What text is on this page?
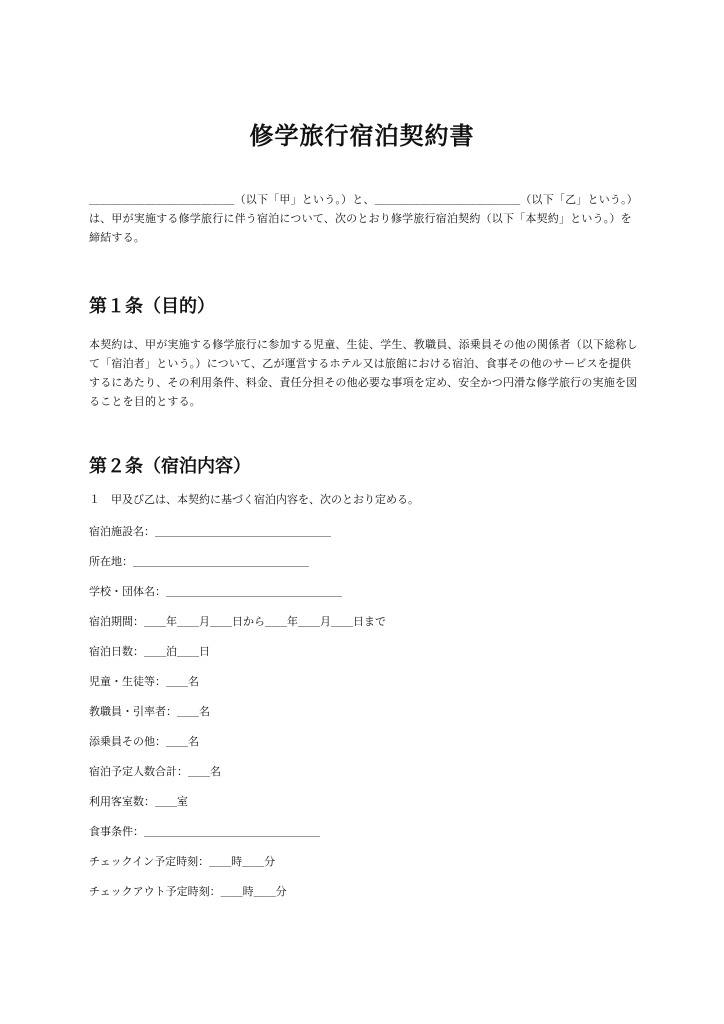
修学旅行宿泊契約書
＿＿＿＿＿＿＿＿＿＿＿＿＿（以下「甲」という。）と、＿＿＿＿＿＿＿＿＿＿＿＿＿（以下「乙」という。）は、甲が実施する修学旅行に伴う宿泊について、次のとおり修学旅行宿泊契約（以下「本契約」という。）を締結する。
第１条（目的）
本契約は、甲が実施する修学旅行に参加する児童、生徒、学生、教職員、添乗員その他の関係者（以下総称して「宿泊者」という。）について、乙が運営するホテル又は旅館における宿泊、食事その他のサービスを提供するにあたり、その利用条件、料金、責任分担その他必要な事項を定め、安全かつ円滑な修学旅行の実施を図ることを目的とする。
第２条（宿泊内容）
１　甲及び乙は、本契約に基づく宿泊内容を、次のとおり定める。
宿泊施設名：＿＿＿＿＿＿＿＿＿＿＿＿＿＿＿＿
所在地：＿＿＿＿＿＿＿＿＿＿＿＿＿＿＿＿
学校・団体名：＿＿＿＿＿＿＿＿＿＿＿＿＿＿＿＿
宿泊期間：＿＿年＿＿月＿＿日から＿＿年＿＿月＿＿日まで
宿泊日数：＿＿泊＿＿日
児童・生徒等：＿＿名
教職員・引率者：＿＿名
添乗員その他：＿＿名
宿泊予定人数合計：＿＿名
利用客室数：＿＿室
食事条件：＿＿＿＿＿＿＿＿＿＿＿＿＿＿＿＿
チェックイン予定時刻：＿＿時＿＿分
チェックアウト予定時刻：＿＿時＿＿分
